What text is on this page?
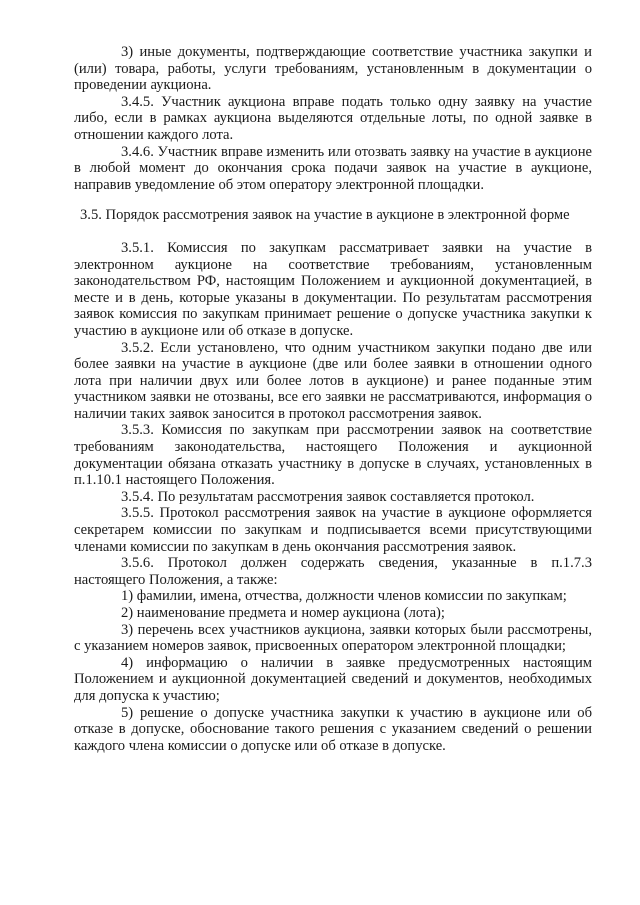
3) иные документы, подтверждающие соответствие участника закупки и (или) товара, работы, услуги требованиям, установленным в документации о проведении аукциона.

3.4.5. Участник аукциона вправе подать только одну заявку на участие либо, если в рамках аукциона выделяются отдельные лоты, по одной заявке в отношении каждого лота.

3.4.6. Участник вправе изменить или отозвать заявку на участие в аукционе в любой момент до окончания срока подачи заявок на участие в аукционе, направив уведомление об этом оператору электронной площадки.

3.5. Порядок рассмотрения заявок на участие в аукционе в электронной форме

3.5.1. Комиссия по закупкам рассматривает заявки на участие в электронном аукционе на соответствие требованиям, установленным законодательством РФ, настоящим Положением и аукционной документацией, в месте и в день, которые указаны в документации. По результатам рассмотрения заявок комиссия по закупкам принимает решение о допуске участника закупки к участию в аукционе или об отказе в допуске.

3.5.2. Если установлено, что одним участником закупки подано две или более заявки на участие в аукционе (две или более заявки в отношении одного лота при наличии двух или более лотов в аукционе) и ранее поданные этим участником заявки не отозваны, все его заявки не рассматриваются, информация о наличии таких заявок заносится в протокол рассмотрения заявок.

3.5.3. Комиссия по закупкам при рассмотрении заявок на соответствие требованиям законодательства, настоящего Положения и аукционной документации обязана отказать участнику в допуске в случаях, установленных в п.1.10.1 настоящего Положения.

3.5.4. По результатам рассмотрения заявок составляется протокол.

3.5.5. Протокол рассмотрения заявок на участие в аукционе оформляется секретарем комиссии по закупкам и подписывается всеми присутствующими членами комиссии по закупкам в день окончания рассмотрения заявок.

3.5.6. Протокол должен содержать сведения, указанные в п.1.7.3 настоящего Положения, а также:

1) фамилии, имена, отчества, должности членов комиссии по закупкам;

2) наименование предмета и номер аукциона (лота);

3) перечень всех участников аукциона, заявки которых были рассмотрены, с указанием номеров заявок, присвоенных оператором электронной площадки;

4) информацию о наличии в заявке предусмотренных настоящим Положением и аукционной документацией сведений и документов, необходимых для допуска к участию;

5) решение о допуске участника закупки к участию в аукционе или об отказе в допуске, обоснование такого решения с указанием сведений о решении каждого члена комиссии о допуске или об отказе в допуске.
